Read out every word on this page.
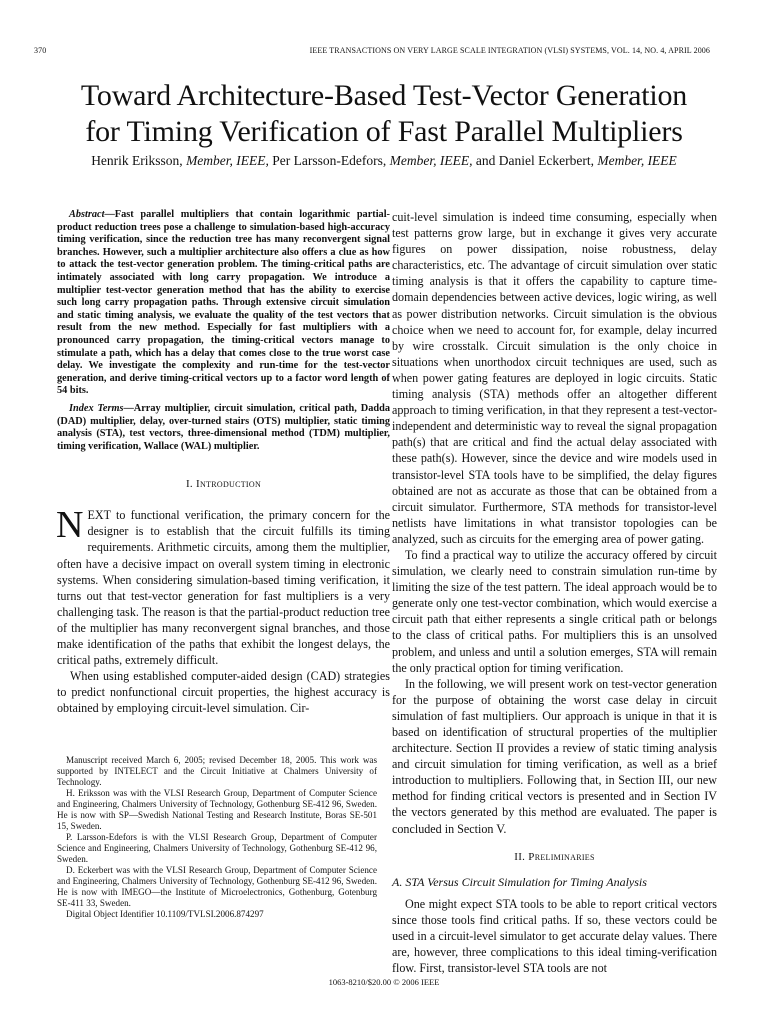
370	IEEE TRANSACTIONS ON VERY LARGE SCALE INTEGRATION (VLSI) SYSTEMS, VOL. 14, NO. 4, APRIL 2006
Toward Architecture-Based Test-Vector Generation
for Timing Verification of Fast Parallel Multipliers
Henrik Eriksson, Member, IEEE, Per Larsson-Edefors, Member, IEEE, and Daniel Eckerbert, Member, IEEE

Abstract—Fast parallel multipliers that contain logarithmic partial-product reduction trees pose a challenge to simulation-based high-accuracy timing verification, since the reduction tree has many reconvergent signal branches. However, such a multiplier architecture also offers a clue as how to attack the test-vector generation problem. The timing-critical paths are intimately associated with long carry propagation. We introduce a multiplier test-vector generation method that has the ability to exercise such long carry propagation paths. Through extensive circuit simulation and static timing analysis, we evaluate the quality of the test vectors that result from the new method. Especially for fast multipliers with a pronounced carry propagation, the timing-critical vectors manage to stimulate a path, which has a delay that comes close to the true worst case delay. We investigate the complexity and run-time for the test-vector generation, and derive timing-critical vectors up to a factor word length of 54 bits.

Index Terms—Array multiplier, circuit simulation, critical path, Dadda (DAD) multiplier, delay, over-turned stairs (OTS) multiplier, static timing analysis (STA), test vectors, three-dimensional method (TDM) multiplier, timing verification, Wallace (WAL) multiplier.

I. Introduction

NEXT to functional verification, the primary concern for the designer is to establish that the circuit fulfills its timing requirements. Arithmetic circuits, among them the multiplier, often have a decisive impact on overall system timing in electronic systems. When considering simulation-based timing verification, it turns out that test-vector generation for fast multipliers is a very challenging task. The reason is that the partial-product reduction tree of the multiplier has many reconvergent signal branches, and those make identification of the paths that exhibit the longest delays, the critical paths, extremely difficult.

When using established computer-aided design (CAD) strategies to predict nonfunctional circuit properties, the highest accuracy is obtained by employing circuit-level simulation. Cir-

Manuscript received March 6, 2005; revised December 18, 2005. This work was supported by INTELECT and the Circuit Initiative at Chalmers University of Technology.

H. Eriksson was with the VLSI Research Group, Department of Computer Science and Engineering, Chalmers University of Technology, Gothenburg SE-412 96, Sweden. He is now with SP—Swedish National Testing and Research Institute, Boras SE-501 15, Sweden.

P. Larsson-Edefors is with the VLSI Research Group, Department of Computer Science and Engineering, Chalmers University of Technology, Gothenburg SE-412 96, Sweden.

D. Eckerbert was with the VLSI Research Group, Department of Computer Science and Engineering, Chalmers University of Technology, Gothenburg SE-412 96, Sweden. He is now with IMEGO—the Institute of Microelectronics, Gothenburg, Gotenburg SE-411 33, Sweden.

Digital Object Identifier 10.1109/TVLSI.2006.874297

cuit-level simulation is indeed time consuming, especially when test patterns grow large, but in exchange it gives very accurate figures on power dissipation, noise robustness, delay characteristics, etc. The advantage of circuit simulation over static timing analysis is that it offers the capability to capture time-domain dependencies between active devices, logic wiring, as well as power distribution networks. Circuit simulation is the obvious choice when we need to account for, for example, delay incurred by wire crosstalk. Circuit simulation is the only choice in situations when unorthodox circuit techniques are used, such as when power gating features are deployed in logic circuits. Static timing analysis (STA) methods offer an altogether different approach to timing verification, in that they represent a test-vector-independent and deterministic way to reveal the signal propagation path(s) that are critical and find the actual delay associated with these path(s). However, since the device and wire models used in transistor-level STA tools have to be simplified, the delay figures obtained are not as accurate as those that can be obtained from a circuit simulator. Furthermore, STA methods for transistor-level netlists have limitations in what transistor topologies can be analyzed, such as circuits for the emerging area of power gating.

To find a practical way to utilize the accuracy offered by circuit simulation, we clearly need to constrain simulation run-time by limiting the size of the test pattern. The ideal approach would be to generate only one test-vector combination, which would exercise a circuit path that either represents a single critical path or belongs to the class of critical paths. For multipliers this is an unsolved problem, and unless and until a solution emerges, STA will remain the only practical option for timing verification.

In the following, we will present work on test-vector generation for the purpose of obtaining the worst case delay in circuit simulation of fast multipliers. Our approach is unique in that it is based on identification of structural properties of the multiplier architecture. Section II provides a review of static timing analysis and circuit simulation for timing verification, as well as a brief introduction to multipliers. Following that, in Section III, our new method for finding critical vectors is presented and in Section IV the vectors generated by this method are evaluated. The paper is concluded in Section V.

II. Preliminaries
A. STA Versus Circuit Simulation for Timing Analysis

One might expect STA tools to be able to report critical vectors since those tools find critical paths. If so, these vectors could be used in a circuit-level simulator to get accurate delay values. There are, however, three complications to this ideal timing-verification flow. First, transistor-level STA tools are not

1063-8210/$20.00 © 2006 IEEE
